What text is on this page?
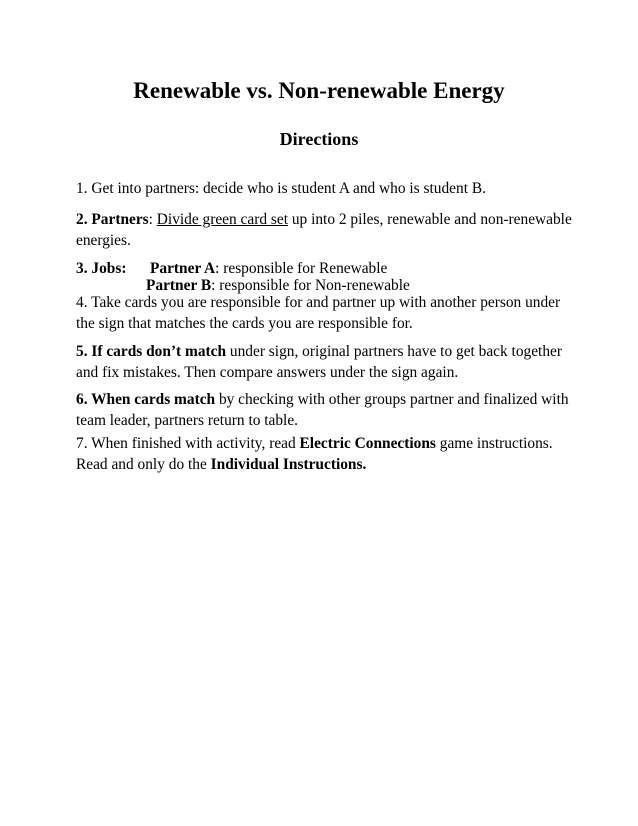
Renewable vs. Non-renewable Energy
Directions

1. Get into partners: decide who is student A and who is student B.

2. Partners: Divide green card set up into 2 piles, renewable and non-renewable energies.

3. Jobs: Partner A: responsible for Renewable
Partner B: responsible for Non-renewable

4. Take cards you are responsible for and partner up with another person under the sign that matches the cards you are responsible for.

5. If cards don’t match under sign, original partners have to get back together and fix mistakes. Then compare answers under the sign again.

6. When cards match by checking with other groups partner and finalized with team leader, partners return to table.

7. When finished with activity, read Electric Connections game instructions. Read and only do the Individual Instructions.
